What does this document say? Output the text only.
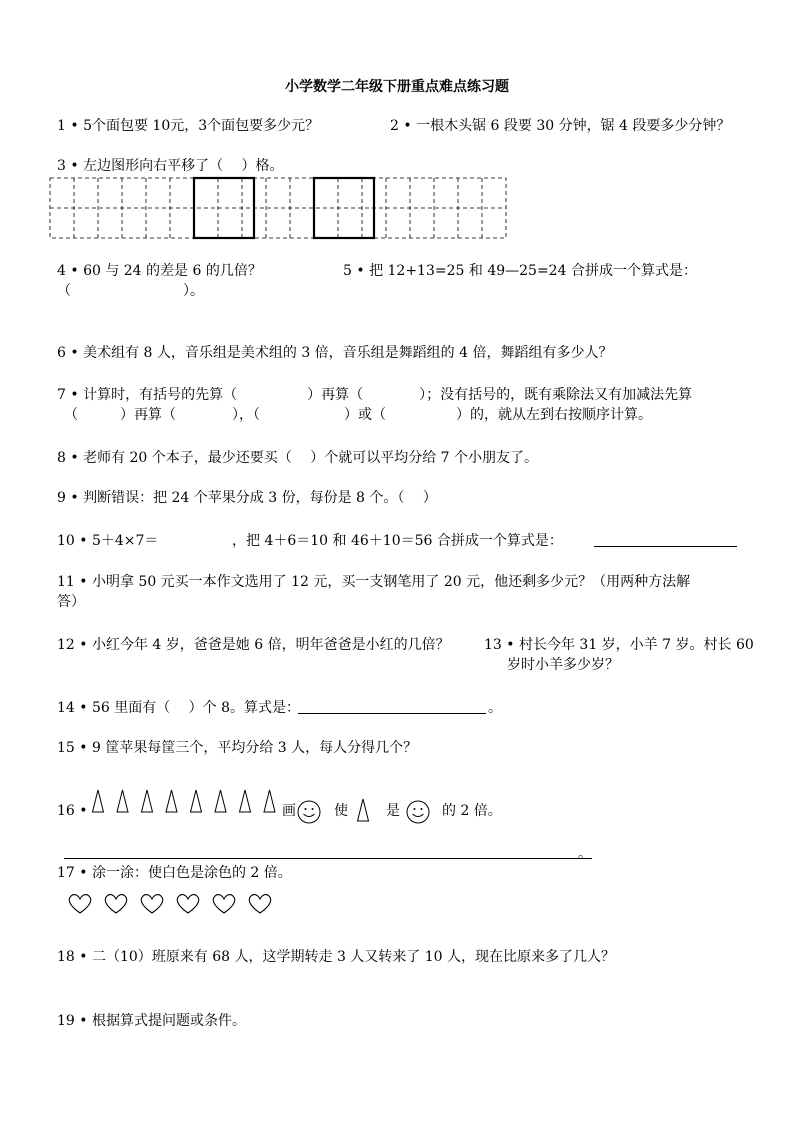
小学数学二年级下册重点难点练习题
1 • 5个面包要 10元，3个面包要多少元？	2 • 一根木头锯 6 段要 30 分钟，锯 4 段要多少分钟？
3 • 左边图形向右平移了（　 ）格。
4 • 60 与 24 的差是 6 的几倍？	5 • 把 12+13=25 和 49—25=24 合拼成一个算式是：
（　　　　　　　　）。
6 • 美术组有 8 人，音乐组是美术组的 3 倍，音乐组是舞蹈组的 4 倍，舞蹈组有多少人？
7 • 计算时，有括号的先算（　　　　　）再算（　　　　）；没有括号的，既有乘除法又有加减法先算
（　　　）再算（　　　　），（　　　　　　）或（　　　　　）的，就从左到右按顺序计算。
8 • 老师有 20 个本子，最少还要买（　 ）个就可以平均分给 7 个小朋友了。
9 • 判断错误：把 24 个苹果分成 3 份，每份是 8 个。（　 ）
10 • 5＋4×7＝	，把 4＋6＝10 和 46＋10＝56 合拼成一个算式是：
11 • 小明拿 50 元买一本作文选用了 12 元，买一支钢笔用了 20 元，他还剩多少元？（用两种方法解
答）
12 • 小红今年 4 岁，爸爸是她 6 倍，明年爸爸是小红的几倍？ 13 • 村长今年 31 岁，小羊 7 岁。村长 60
岁时小羊多少岁？
14 • 56 里面有（　 ）个 8。算式是：	。
15 • 9 筐苹果每筐三个，平均分给 3 人，每人分得几个？
16 •	画	使	是	的 2 倍。
。
17 • 涂一涂：使白色是涂色的 2 倍。
18 • 二（10）班原来有 68 人，这学期转走 3 人又转来了 10 人，现在比原来多了几人？
19 • 根据算式提问题或条件。
